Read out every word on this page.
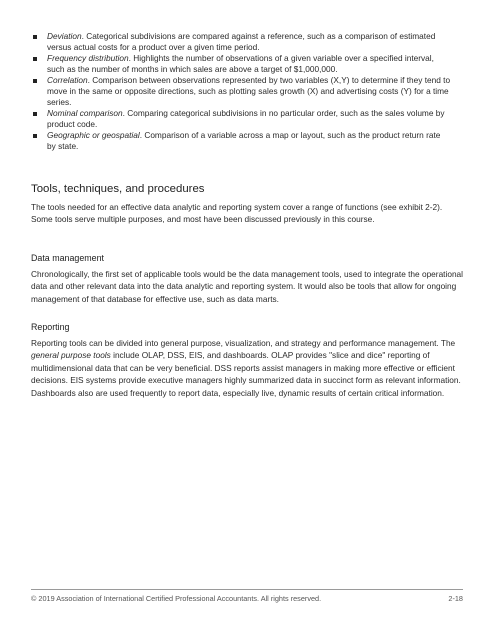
Deviation. Categorical subdivisions are compared against a reference, such as a comparison of estimated versus actual costs for a product over a given time period.
Frequency distribution. Highlights the number of observations of a given variable over a specified interval, such as the number of months in which sales are above a target of $1,000,000.
Correlation. Comparison between observations represented by two variables (X,Y) to determine if they tend to move in the same or opposite directions, such as plotting sales growth (X) and advertising costs (Y) for a time series.
Nominal comparison. Comparing categorical subdivisions in no particular order, such as the sales volume by product code.
Geographic or geospatial. Comparison of a variable across a map or layout, such as the product return rate by state.
Tools, techniques, and procedures

The tools needed for an effective data analytic and reporting system cover a range of functions (see exhibit 2-2). Some tools serve multiple purposes, and most have been discussed previously in this course.

Data management

Chronologically, the first set of applicable tools would be the data management tools, used to integrate the operational data and other relevant data into the data analytic and reporting system. It would also be tools that allow for ongoing management of that database for effective use, such as data marts.

Reporting

Reporting tools can be divided into general purpose, visualization, and strategy and performance management. The general purpose tools include OLAP, DSS, EIS, and dashboards. OLAP provides "slice and dice" reporting of multidimensional data that can be very beneficial. DSS reports assist managers in making more effective or efficient decisions. EIS systems provide executive managers highly summarized data in succinct form as relevant information. Dashboards also are used frequently to report data, especially live, dynamic results of certain critical information.

© 2019 Association of International Certified Professional Accountants. All rights reserved.	2-18
